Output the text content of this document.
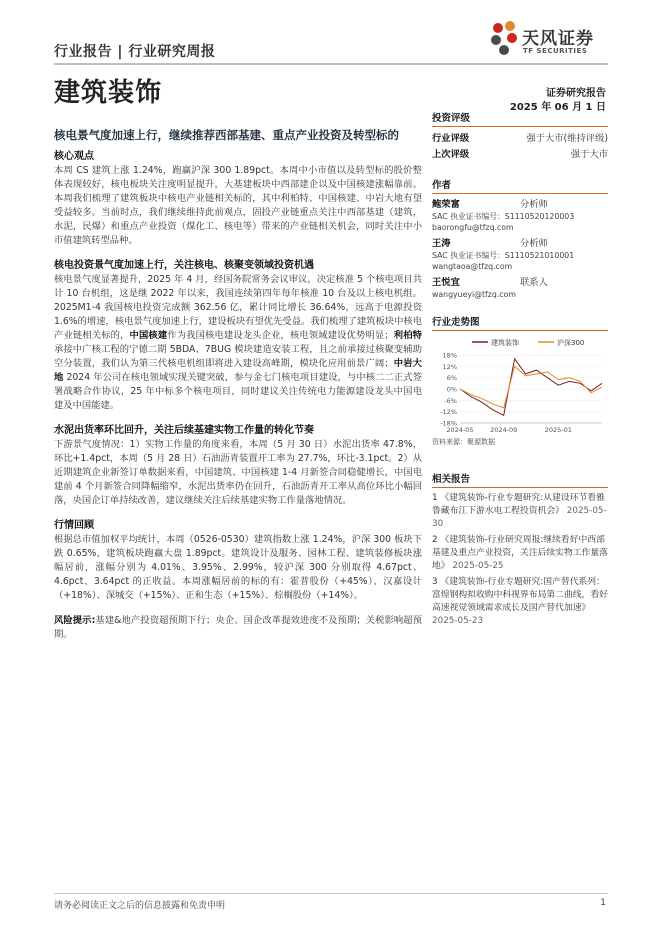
行业报告 | 行业研究周报
天风证券
TF SECURITIES
建筑装饰	证券研究报告
2025 年 06 月 1 日
核电景气度加速上行，继续推荐西部基建、重点产业投资及转型标的
核心观点
本周 CS 建筑上涨 1.24%，跑赢沪深 300 1.89pct。本周中小市值以及转型标的股价整体表现较好，核电板块关注度明显提升，大基建板块中西部建企以及中国核建涨幅靠前。本周我们梳理了建筑板块中核电产业链相关标的，其中利柏特、中国核建、中岩大地有望受益较多。当前时点，我们继续维持此前观点，固投产业链重点关注中西部基建（建筑，水泥，民爆）和重点产业投资（煤化工、核电等）带来的产业链相关机会，同时关注中小市值建筑转型品种。
核电投资景气度加速上行，关注核电、核聚变领域投资机遇
核电景气度显著提升，2025 年 4 月，经国务院常务会议审议，决定核准 5 个核电项目共计 10 台机组，这是继 2022 年以来，我国连续第四年每年核准 10 台及以上核电机组。2025M1-4 我国核电投资完成额 362.56 亿，累计同比增长 36.64%，远高于电源投资 1.6%的增速，核电景气度加速上行，建设板块有望优先受益。我们梳理了建筑板块中核电产业链相关标的，中国核建作为我国核电建设龙头企业，核电领域建设优势明显；利柏特承接中广核工程的宁德二期 5BDA、7BUG 模块建造安装工程，且之前承接过核聚变辅助空分装置，我们认为第三代核电机组即将进入建设高峰期，模块化应用前景广阔；中岩大地 2024 年公司在核电领域实现关键突破，参与金七门核电项目建设，与中核二二正式签署战略合作协议，25 年中标多个核电项目，同时建议关注传统电力能源建设龙头中国电建及中国能建。
水泥出货率环比回升，关注后续基建实物工作量的转化节奏
下游景气度情况：1）实物工作量的角度来看，本周（5 月 30 日）水泥出货率 47.8%，环比+1.4pct，本周（5 月 28 日）石油沥青装置开工率为 27.7%，环比-3.1pct。2）从近期建筑企业新签订单数据来看，中国建筑、中国核建 1-4 月新签合同稳健增长，中国电建前 4 个月新签合同降幅缩窄，水泥出货率仍在回升，石油沥青开工率从高位环比小幅回落，央国企订单持续改善，建议继续关注后续基建实物工作量落地情况。
行情回顾
根据总市值加权平均统计，本周（0526-0530）建筑指数上涨 1.24%，沪深 300 板块下跌 0.65%，建筑板块跑赢大盘 1.89pct。建筑设计及服务、园林工程、建筑装修板块涨幅居前，涨幅分别为 4.01%、3.95%、2.99%，较沪深 300 分别取得 4.67pct、4.6pct、3.64pct 的正收益。本周涨幅居前的标的有：霍普股份（+45%）、汉嘉设计（+18%）、深城交（+15%）、正和生态（+15%）、棕榈股份（+14%）。
风险提示:基建&地产投资超预期下行；央企、国企改革提效进度不及预期；关税影响超预期。
投资评级
行业评级	强于大市(维持评级)
上次评级	强于大市
作者
鲍荣富	分析师
SAC 执业证书编号：S1110520120003
baorongfu@tfzq.com
王涛	分析师
SAC 执业证书编号：S1110521010001
wangtaoa@tfzq.com
王悦宜	联系人
wangyueyi@tfzq.com
行业走势图
建筑装饰	沪深300
18%
12%
6%
0%
-6%
-12%
-18%
2024-05	2024-09	2025-01
资料来源：聚源数据
相关报告
1 《建筑装饰-行业专题研究:从建设环节看雅鲁藏布江下游水电工程投资机会》 2025-05-30
2 《建筑装饰-行业研究周报:继续看好中西部基建及重点产业投资，关注后续实物工作量落地》 2025-05-25
3 《建筑装饰-行业专题研究:国产替代系列：富煌钢构拟收购中科视界布局第二曲线，看好高速视觉领域需求成长及国产替代加速》 2025-05-23
请务必阅读正文之后的信息披露和免责申明	1
